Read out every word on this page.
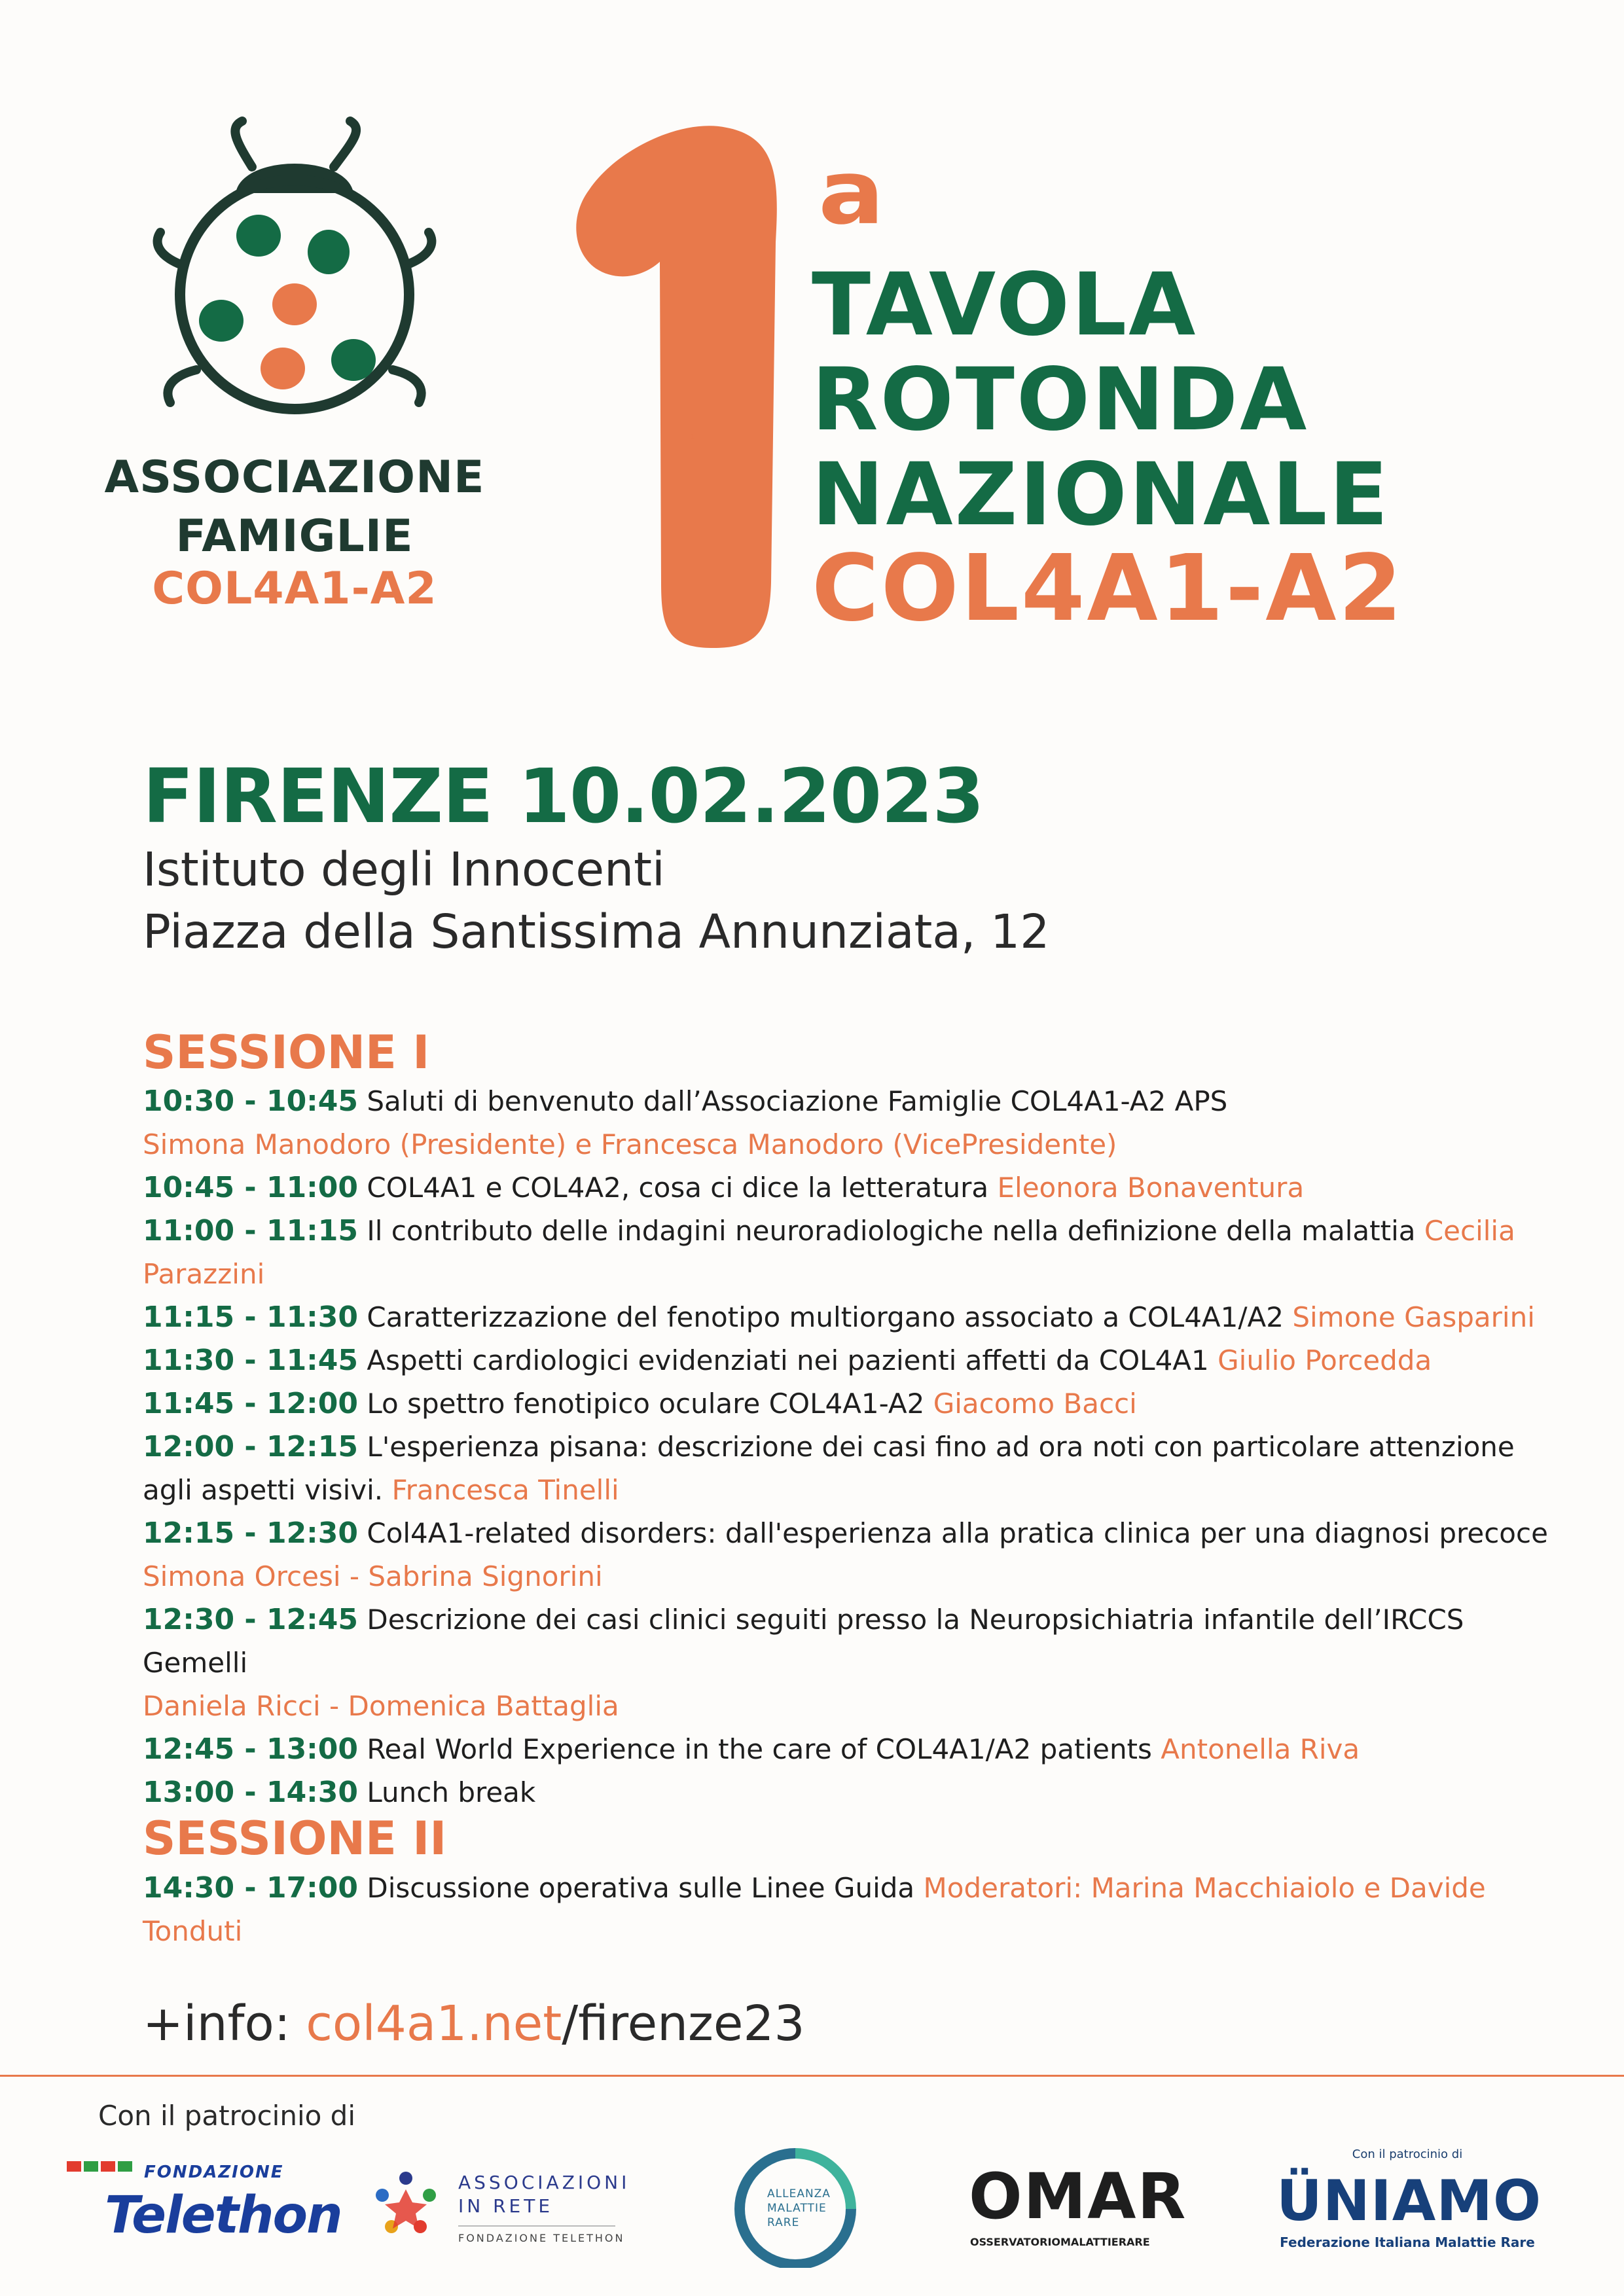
ASSOCIAZIONE
FAMIGLIE
COL4A1-A2
1
a
TAVOLA
ROTONDA
NAZIONALE
COL4A1-A2
FIRENZE 10.02.2023
Istituto degli Innocenti
Piazza della Santissima Annunziata, 12
SESSIONE I
10:30 - 10:45 Saluti di benvenuto dall’Associazione Famiglie COL4A1-A2 APS
Simona Manodoro (Presidente) e Francesca Manodoro (VicePresidente)
10:45 - 11:00 COL4A1 e COL4A2, cosa ci dice la letteratura Eleonora Bonaventura
11:00 - 11:15 Il contributo delle indagini neuroradiologiche nella definizione della malattia Cecilia Parazzini
11:15 - 11:30 Caratterizzazione del fenotipo multiorgano associato a COL4A1/A2 Simone Gasparini
11:30 - 11:45 Aspetti cardiologici evidenziati nei pazienti affetti da COL4A1 Giulio Porcedda
11:45 - 12:00 Lo spettro fenotipico oculare COL4A1-A2 Giacomo Bacci
12:00 - 12:15 L'esperienza pisana: descrizione dei casi fino ad ora noti con particolare attenzione agli aspetti visivi. Francesca Tinelli
12:15 - 12:30 Col4A1-related disorders: dall'esperienza alla pratica clinica per una diagnosi precoce
Simona Orcesi - Sabrina Signorini
12:30 - 12:45 Descrizione dei casi clinici seguiti presso la Neuropsichiatria infantile dell’IRCCS Gemelli
Daniela Ricci - Domenica Battaglia
12:45 - 13:00 Real World Experience in the care of COL4A1/A2 patients Antonella Riva
13:00 - 14:30 Lunch break
SESSIONE II
14:30 - 17:00 Discussione operativa sulle Linee Guida Moderatori: Marina Macchiaiolo e Davide Tonduti
+info: col4a1.net/firenze23
Con il patrocinio di
FONDAZIONE
Telethon
ASSOCIAZIONI
IN RETE
FONDAZIONE TELETHON
ALLEANZA
MALATTIE
RARE	OMAR
OSSERVATORIOMALATTIERARE
Con il patrocinio di
ÜNIAMO
Federazione Italiana Malattie Rare
